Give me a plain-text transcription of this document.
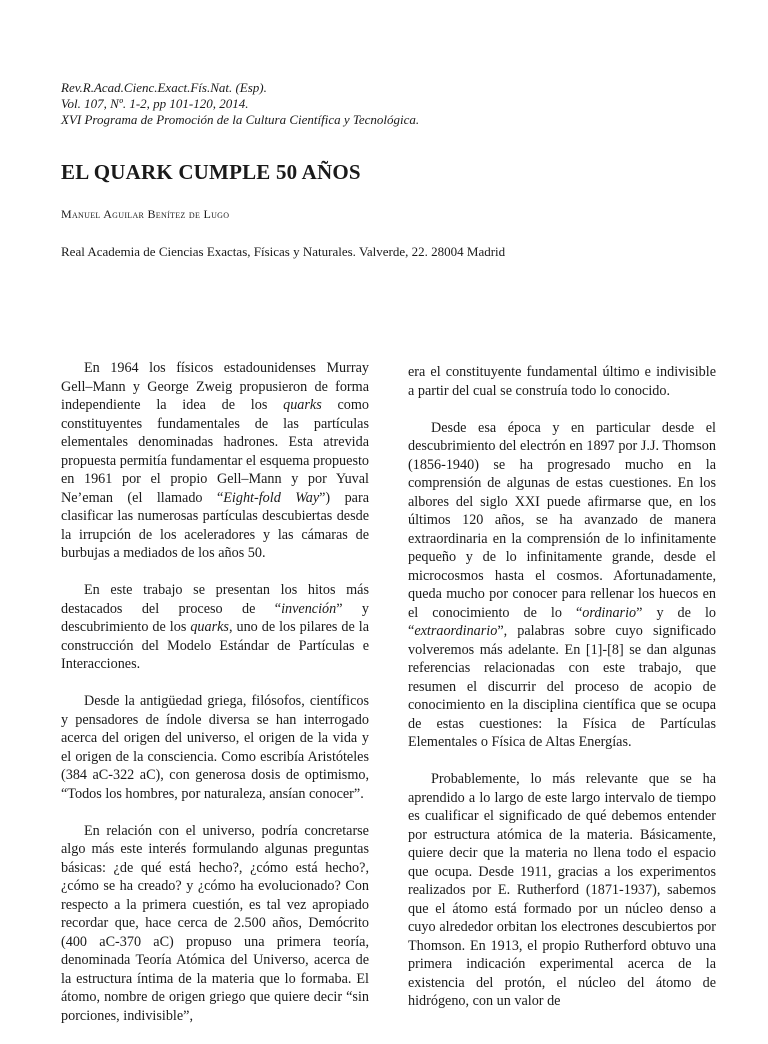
Rev.R.Acad.Cienc.Exact.Fís.Nat. (Esp).
Vol. 107, Nº. 1-2, pp 101-120, 2014.
XVI Programa de Promoción de la Cultura Científica y Tecnológica.
EL QUARK CUMPLE 50 AÑOS
Manuel Aguilar Benítez de Lugo
Real Academia de Ciencias Exactas, Físicas y Naturales. Valverde, 22. 28004 Madrid

En 1964 los físicos estadounidenses Murray Gell–Mann y George Zweig propusieron de forma independiente la idea de los quarks como constituyentes fundamentales de las partículas elementales denominadas hadrones. Esta atrevida propuesta permitía fundamentar el esquema propuesto en 1961 por el propio Gell–Mann y por Yuval Ne’eman (el llamado “Eight-fold Way”) para clasificar las numerosas partículas descubiertas desde la irrupción de los aceleradores y las cámaras de burbujas a mediados de los años 50.

En este trabajo se presentan los hitos más destacados del proceso de “invención” y descubrimiento de los quarks, uno de los pilares de la construcción del Modelo Estándar de Partículas e Interacciones.

Desde la antigüedad griega, filósofos, científicos y pensadores de índole diversa se han interrogado acerca del origen del universo, el origen de la vida y el origen de la consciencia. Como escribía Aristóteles (384 aC-322 aC), con generosa dosis de optimismo, “Todos los hombres, por naturaleza, ansían conocer”.

En relación con el universo, podría concretarse algo más este interés formulando algunas preguntas básicas: ¿de qué está hecho?, ¿cómo está hecho?, ¿cómo se ha creado? y ¿cómo ha evolucionado? Con respecto a la primera cuestión, es tal vez apropiado recordar que, hace cerca de 2.500 años, Demócrito (400 aC-370 aC) propuso una primera teoría, denominada Teoría Atómica del Universo, acerca de la estructura íntima de la materia que lo formaba. El átomo, nombre de origen griego que quiere decir “sin porciones, indivisible”,

era el constituyente fundamental último e indivisible a partir del cual se construía todo lo conocido.

Desde esa época y en particular desde el descubrimiento del electrón en 1897 por J.J. Thomson (1856-1940) se ha progresado mucho en la comprensión de algunas de estas cuestiones. En los albores del siglo XXI puede afirmarse que, en los últimos 120 años, se ha avanzado de manera extraordinaria en la comprensión de lo infinitamente pequeño y de lo infinitamente grande, desde el microcosmos hasta el cosmos. Afortunadamente, queda mucho por conocer para rellenar los huecos en el conocimiento de lo “ordinario” y de lo “extraordinario”, palabras sobre cuyo significado volveremos más adelante. En [1]-[8] se dan algunas referencias relacionadas con este trabajo, que resumen el discurrir del proceso de acopio de conocimiento en la disciplina científica que se ocupa de estas cuestiones: la Física de Partículas Elementales o Física de Altas Energías.

Probablemente, lo más relevante que se ha aprendido a lo largo de este largo intervalo de tiempo es cualificar el significado de qué debemos entender por estructura atómica de la materia. Básicamente, quiere decir que la materia no llena todo el espacio que ocupa. Desde 1911, gracias a los experimentos realizados por E. Rutherford (1871-1937), sabemos que el átomo está formado por un núcleo denso a cuyo alrededor orbitan los electrones descubiertos por Thomson. En 1913, el propio Rutherford obtuvo una primera indicación experimental acerca de la existencia del protón, el núcleo del átomo de hidrógeno, con un valor de
